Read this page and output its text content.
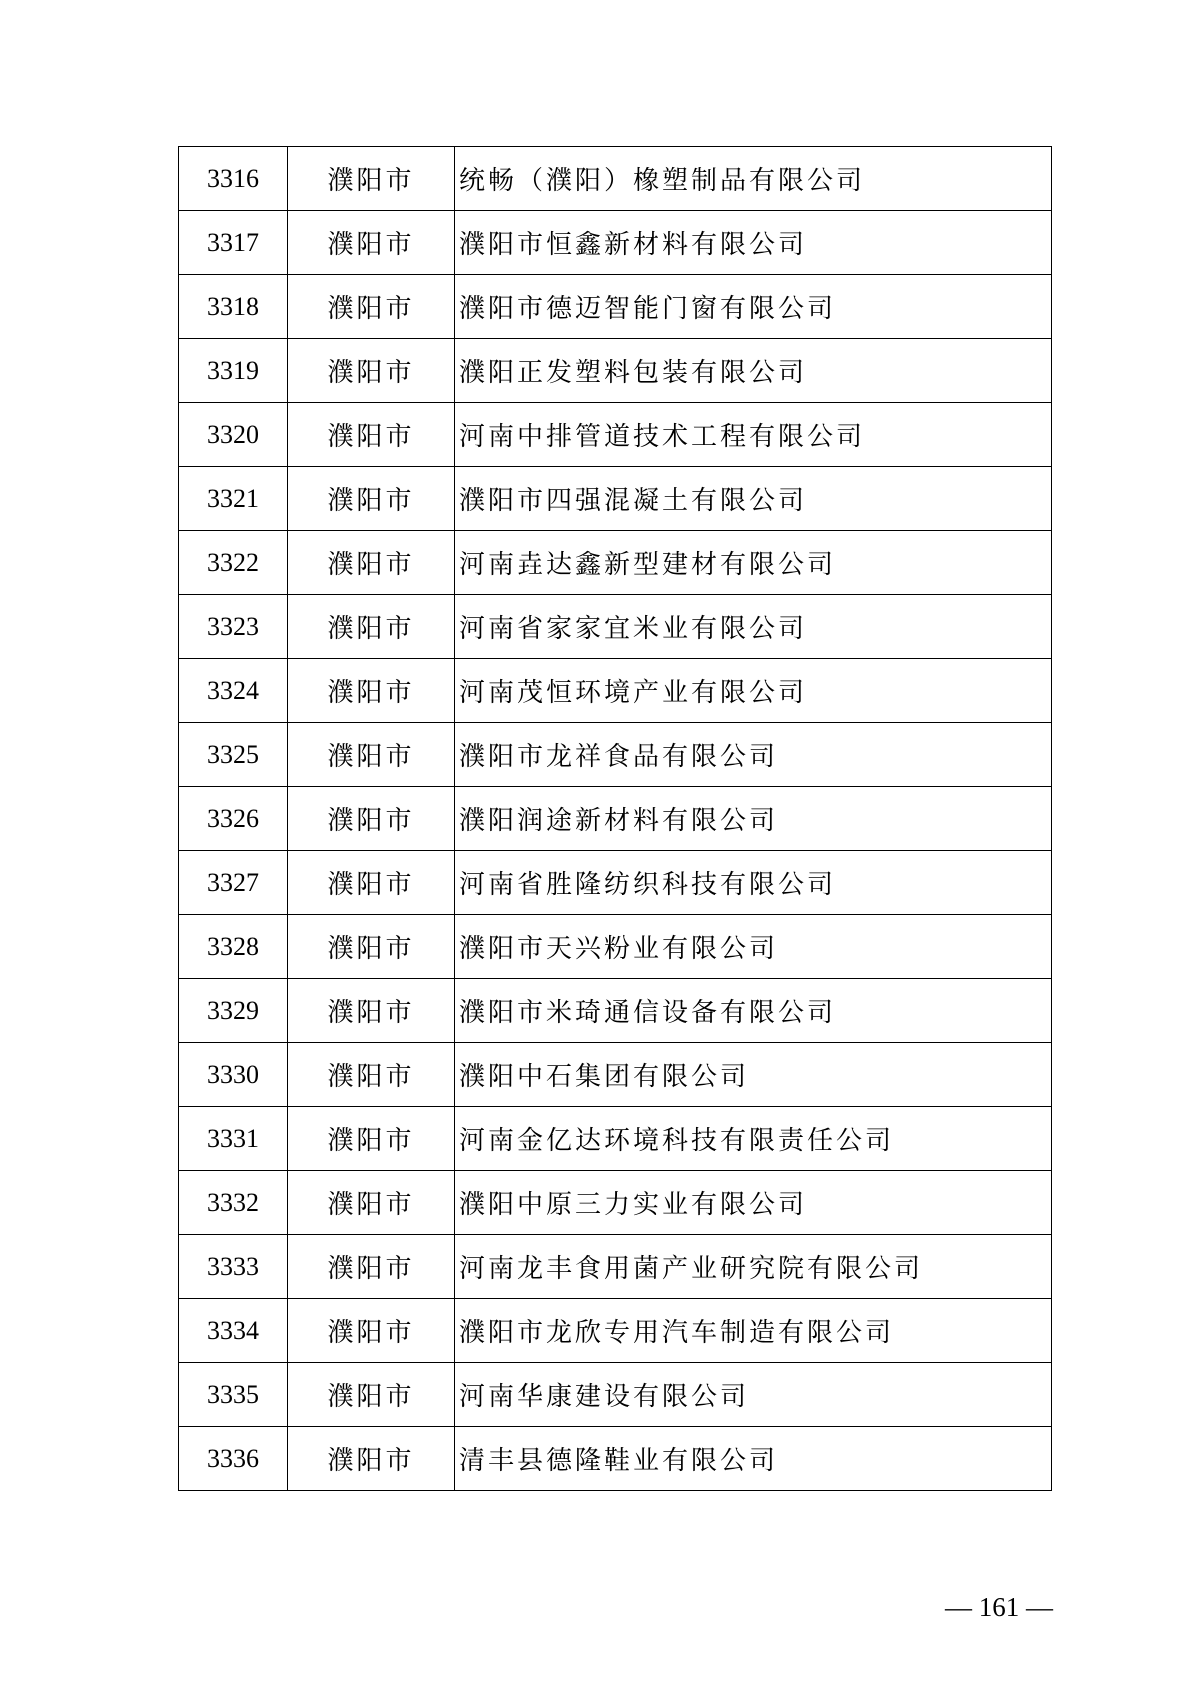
3316	濮阳市	统畅（濮阳）橡塑制品有限公司
3317	濮阳市	濮阳市恒鑫新材料有限公司
3318	濮阳市	濮阳市德迈智能门窗有限公司
3319	濮阳市	濮阳正发塑料包装有限公司
3320	濮阳市	河南中排管道技术工程有限公司
3321	濮阳市	濮阳市四强混凝土有限公司
3322	濮阳市	河南垚达鑫新型建材有限公司
3323	濮阳市	河南省家家宜米业有限公司
3324	濮阳市	河南茂恒环境产业有限公司
3325	濮阳市	濮阳市龙祥食品有限公司
3326	濮阳市	濮阳润途新材料有限公司
3327	濮阳市	河南省胜隆纺织科技有限公司
3328	濮阳市	濮阳市天兴粉业有限公司
3329	濮阳市	濮阳市米琦通信设备有限公司
3330	濮阳市	濮阳中石集团有限公司
3331	濮阳市	河南金亿达环境科技有限责任公司
3332	濮阳市	濮阳中原三力实业有限公司
3333	濮阳市	河南龙丰食用菌产业研究院有限公司
3334	濮阳市	濮阳市龙欣专用汽车制造有限公司
3335	濮阳市	河南华康建设有限公司
3336	濮阳市	清丰县德隆鞋业有限公司
— 161 —
